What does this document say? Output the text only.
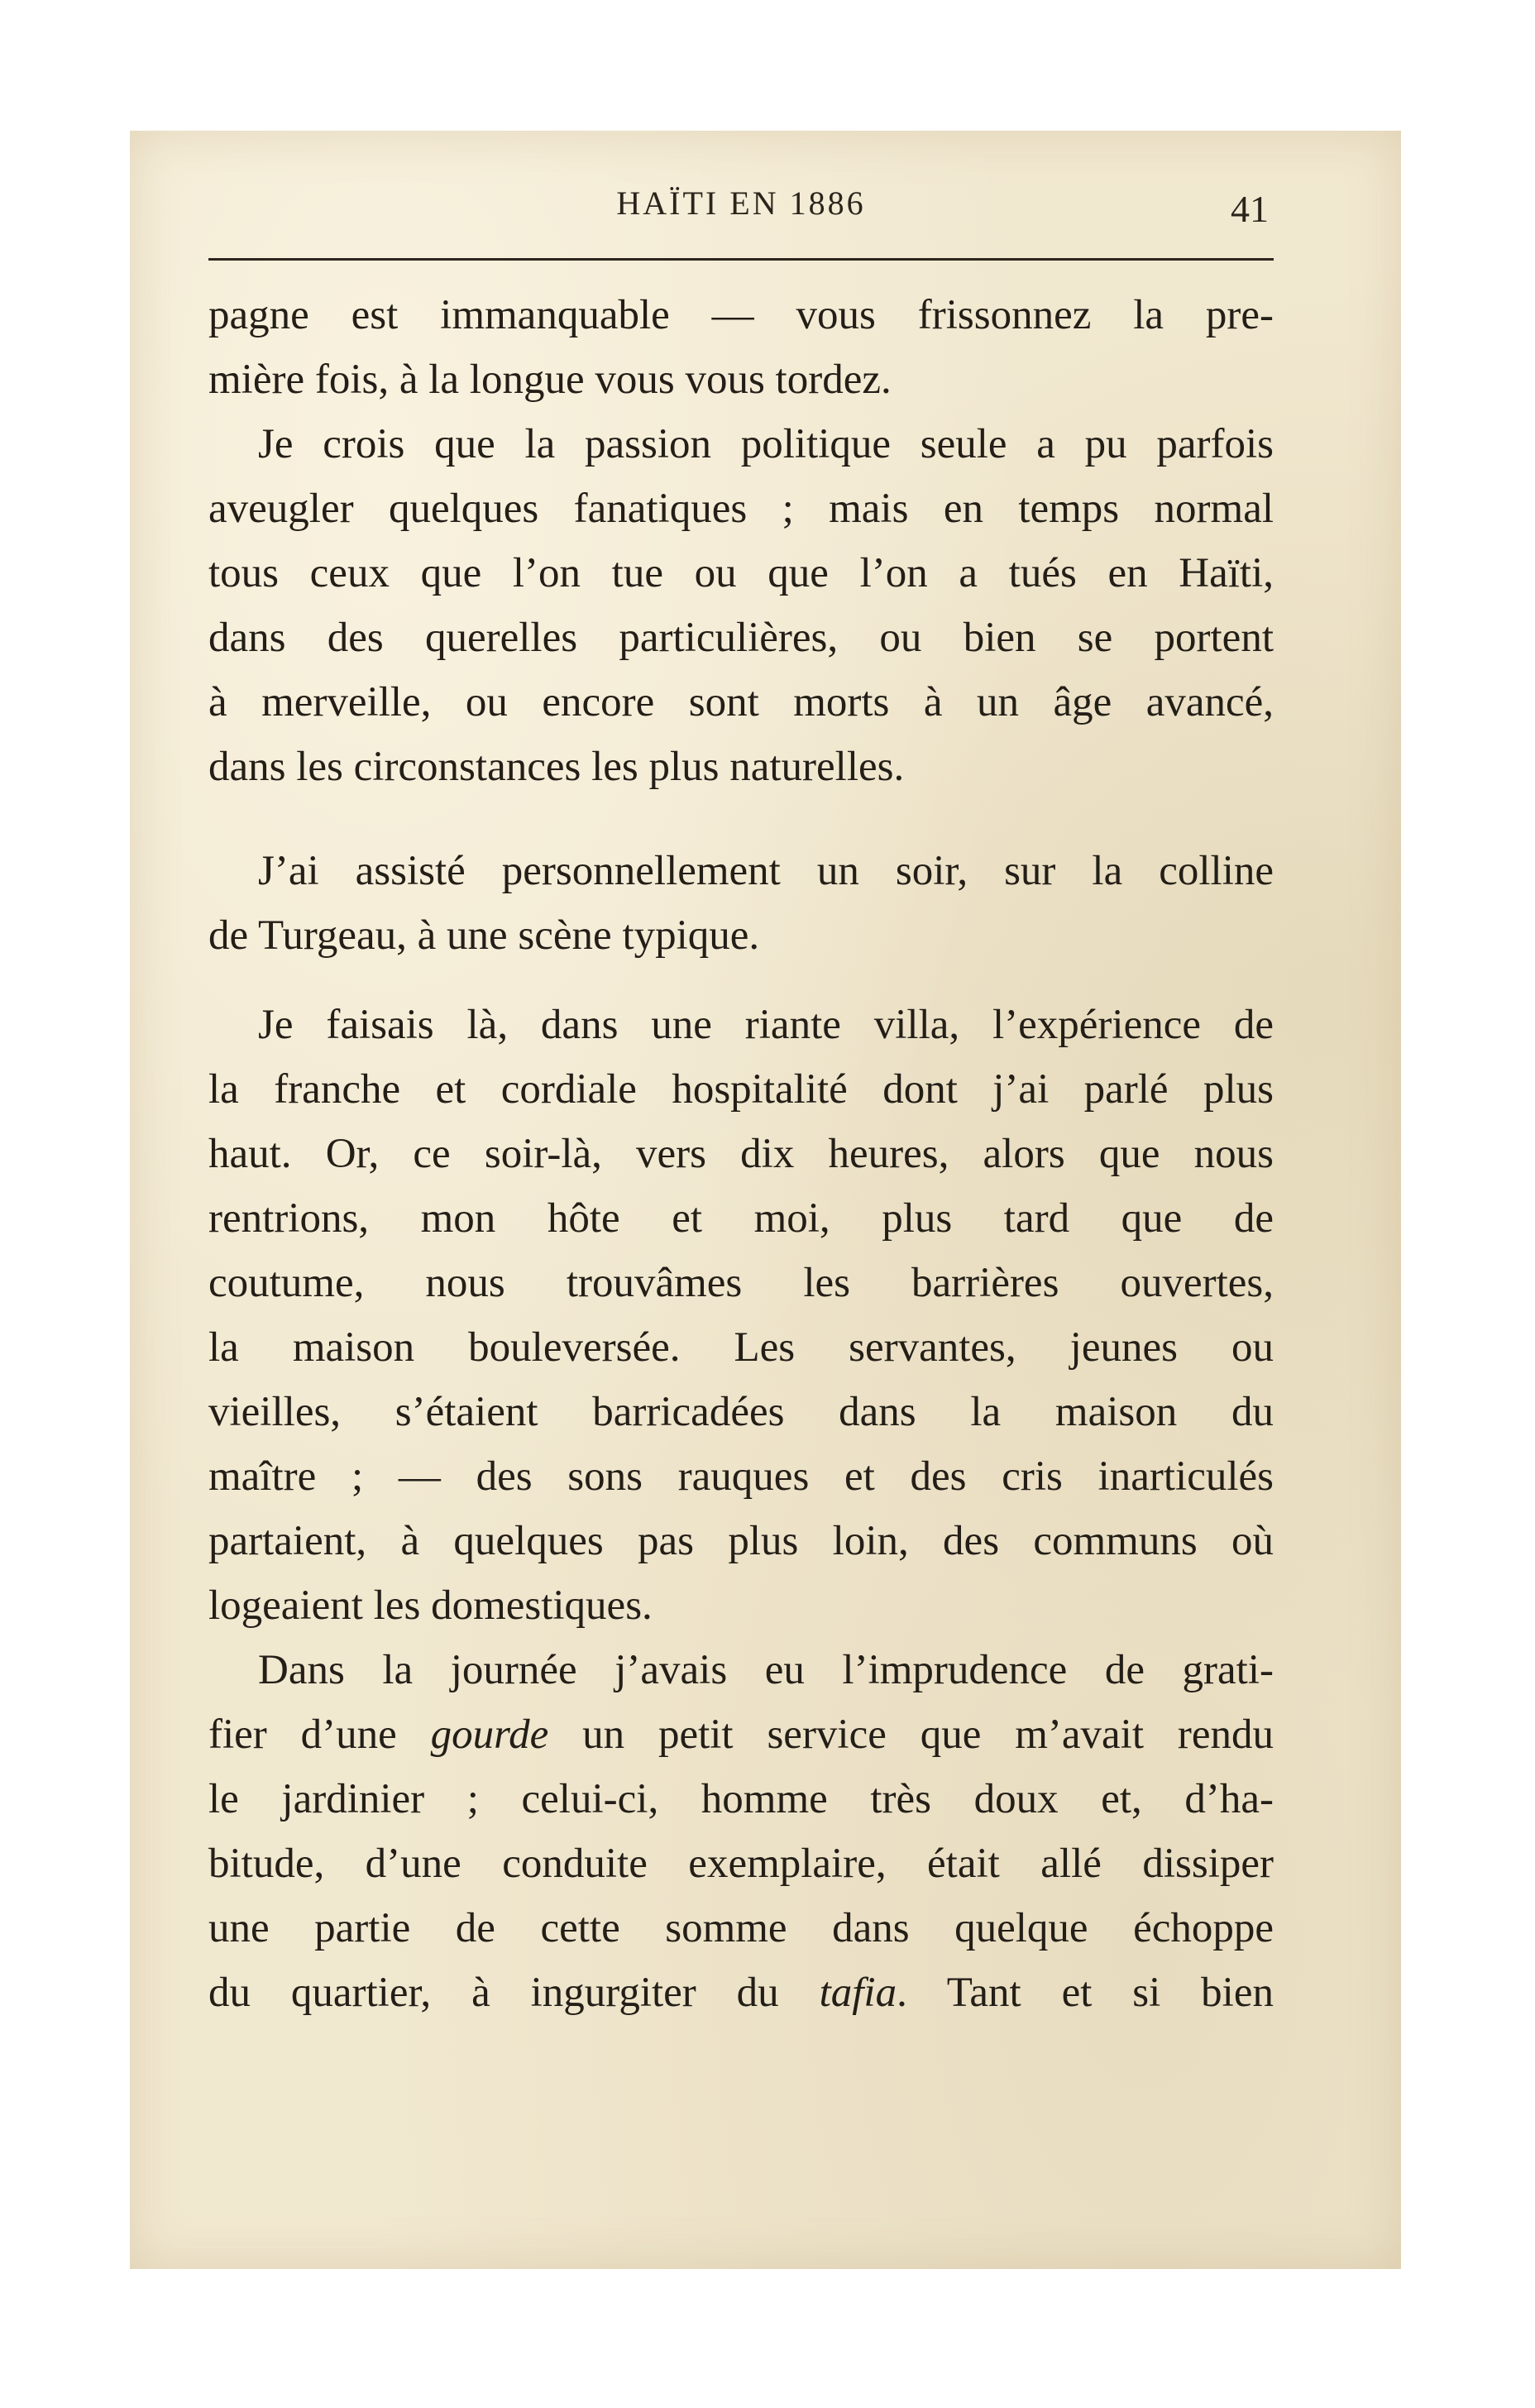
HAÏTI EN 1886	41
pagne est immanquable — vous frissonnez la pre-
mière fois, à la longue vous vous tordez.
Je crois que la passion politique seule a pu parfois
aveugler quelques fanatiques ; mais en temps normal
tous ceux que l’on tue ou que l’on a tués en Haïti,
dans des querelles particulières, ou bien se portent
à merveille, ou encore sont morts à un âge avancé,
dans les circonstances les plus naturelles.
J’ai assisté personnellement un soir, sur la colline
de Turgeau, à une scène typique.
Je faisais là, dans une riante villa, l’expérience de
la franche et cordiale hospitalité dont j’ai parlé plus
haut. Or, ce soir-là, vers dix heures, alors que nous
rentrions, mon hôte et moi, plus tard que de
coutume, nous trouvâmes les barrières ouvertes,
la maison bouleversée. Les servantes, jeunes ou
vieilles, s’étaient barricadées dans la maison du
maître ; — des sons rauques et des cris inarticulés
partaient, à quelques pas plus loin, des communs où
logeaient les domestiques.
Dans la journée j’avais eu l’imprudence de grati-
fier d’une gourde un petit service que m’avait rendu
le jardinier ; celui-ci, homme très doux et, d’ha-
bitude, d’une conduite exemplaire, était allé dissiper
une partie de cette somme dans quelque échoppe
du quartier, à ingurgiter du tafia. Tant et si bien
